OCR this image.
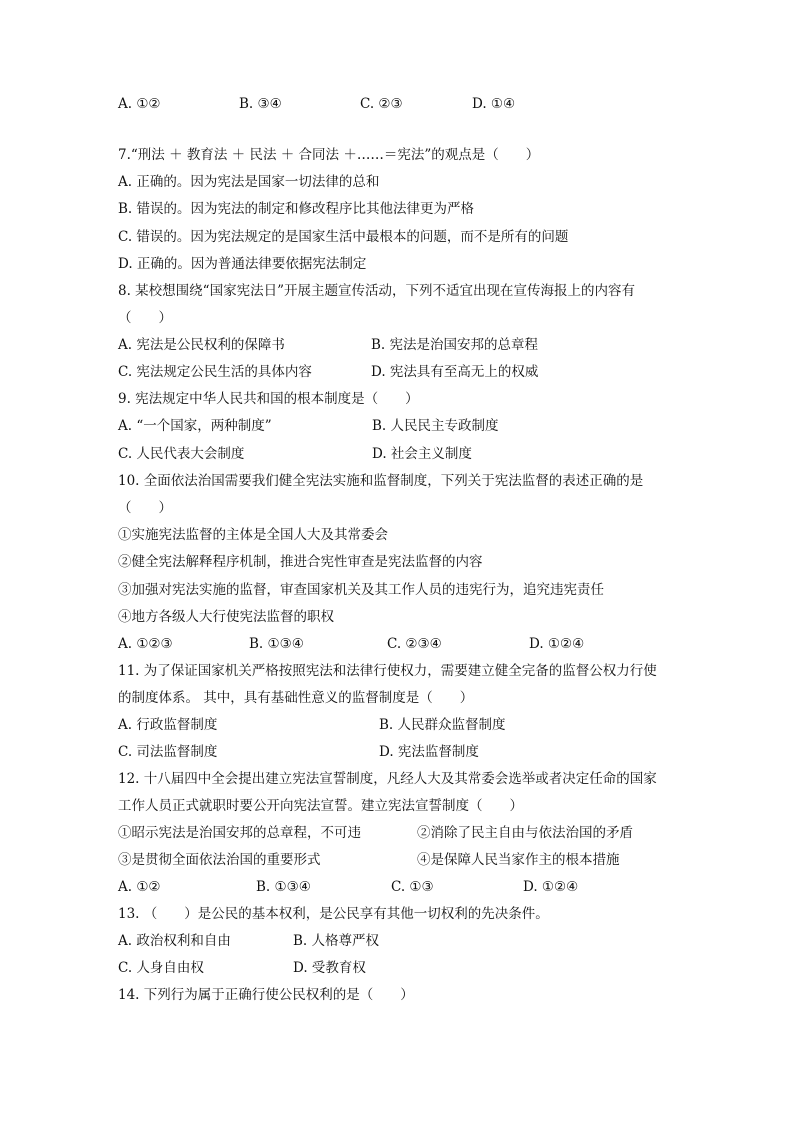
A. ①②	B. ③④	C. ②③	D. ①④
7.“刑法 ＋ 教育法 ＋ 民法 ＋ 合同法 ＋……＝宪法”的观点是（　　）
A. 正确的。因为宪法是国家一切法律的总和
B. 错误的。因为宪法的制定和修改程序比其他法律更为严格
C. 错误的。因为宪法规定的是国家生活中最根本的问题，而不是所有的问题
D. 正确的。因为普通法律要依据宪法制定
8. 某校想围绕“国家宪法日”开展主题宣传活动，下列不适宜出现在宣传海报上的内容有
（　　）
A. 宪法是公民权利的保障书	B. 宪法是治国安邦的总章程
C. 宪法规定公民生活的具体内容	D. 宪法具有至高无上的权威
9. 宪法规定中华人民共和国的根本制度是（　　）
A. “一个国家，两种制度”	B. 人民民主专政制度
C. 人民代表大会制度	D. 社会主义制度
10. 全面依法治国需要我们健全宪法实施和监督制度，下列关于宪法监督的表述正确的是
（　　）
①实施宪法监督的主体是全国人大及其常委会
②健全宪法解释程序机制，推进合宪性审查是宪法监督的内容
③加强对宪法实施的监督，审查国家机关及其工作人员的违宪行为，追究违宪责任
④地方各级人大行使宪法监督的职权
A. ①②③	B. ①③④	C. ②③④	D. ①②④
11. 为了保证国家机关严格按照宪法和法律行使权力，需要建立健全完备的监督公权力行使
的制度体系。 其中，具有基础性意义的监督制度是（　　）
A. 行政监督制度	B. 人民群众监督制度
C. 司法监督制度	D. 宪法监督制度
12. 十八届四中全会提出建立宪法宣誓制度，凡经人大及其常委会选举或者决定任命的国家
工作人员正式就职时要公开向宪法宣誓。建立宪法宣誓制度（　　）
①昭示宪法是治国安邦的总章程，不可违	②消除了民主自由与依法治国的矛盾
③是贯彻全面依法治国的重要形式	④是保障人民当家作主的根本措施
A. ①②	B. ①③④	C. ①③	D. ①②④
13. （　　）是公民的基本权利，是公民享有其他一切权利的先决条件。
A. 政治权利和自由	B. 人格尊严权
C. 人身自由权	D. 受教育权
14. 下列行为属于正确行使公民权利的是（　　）
